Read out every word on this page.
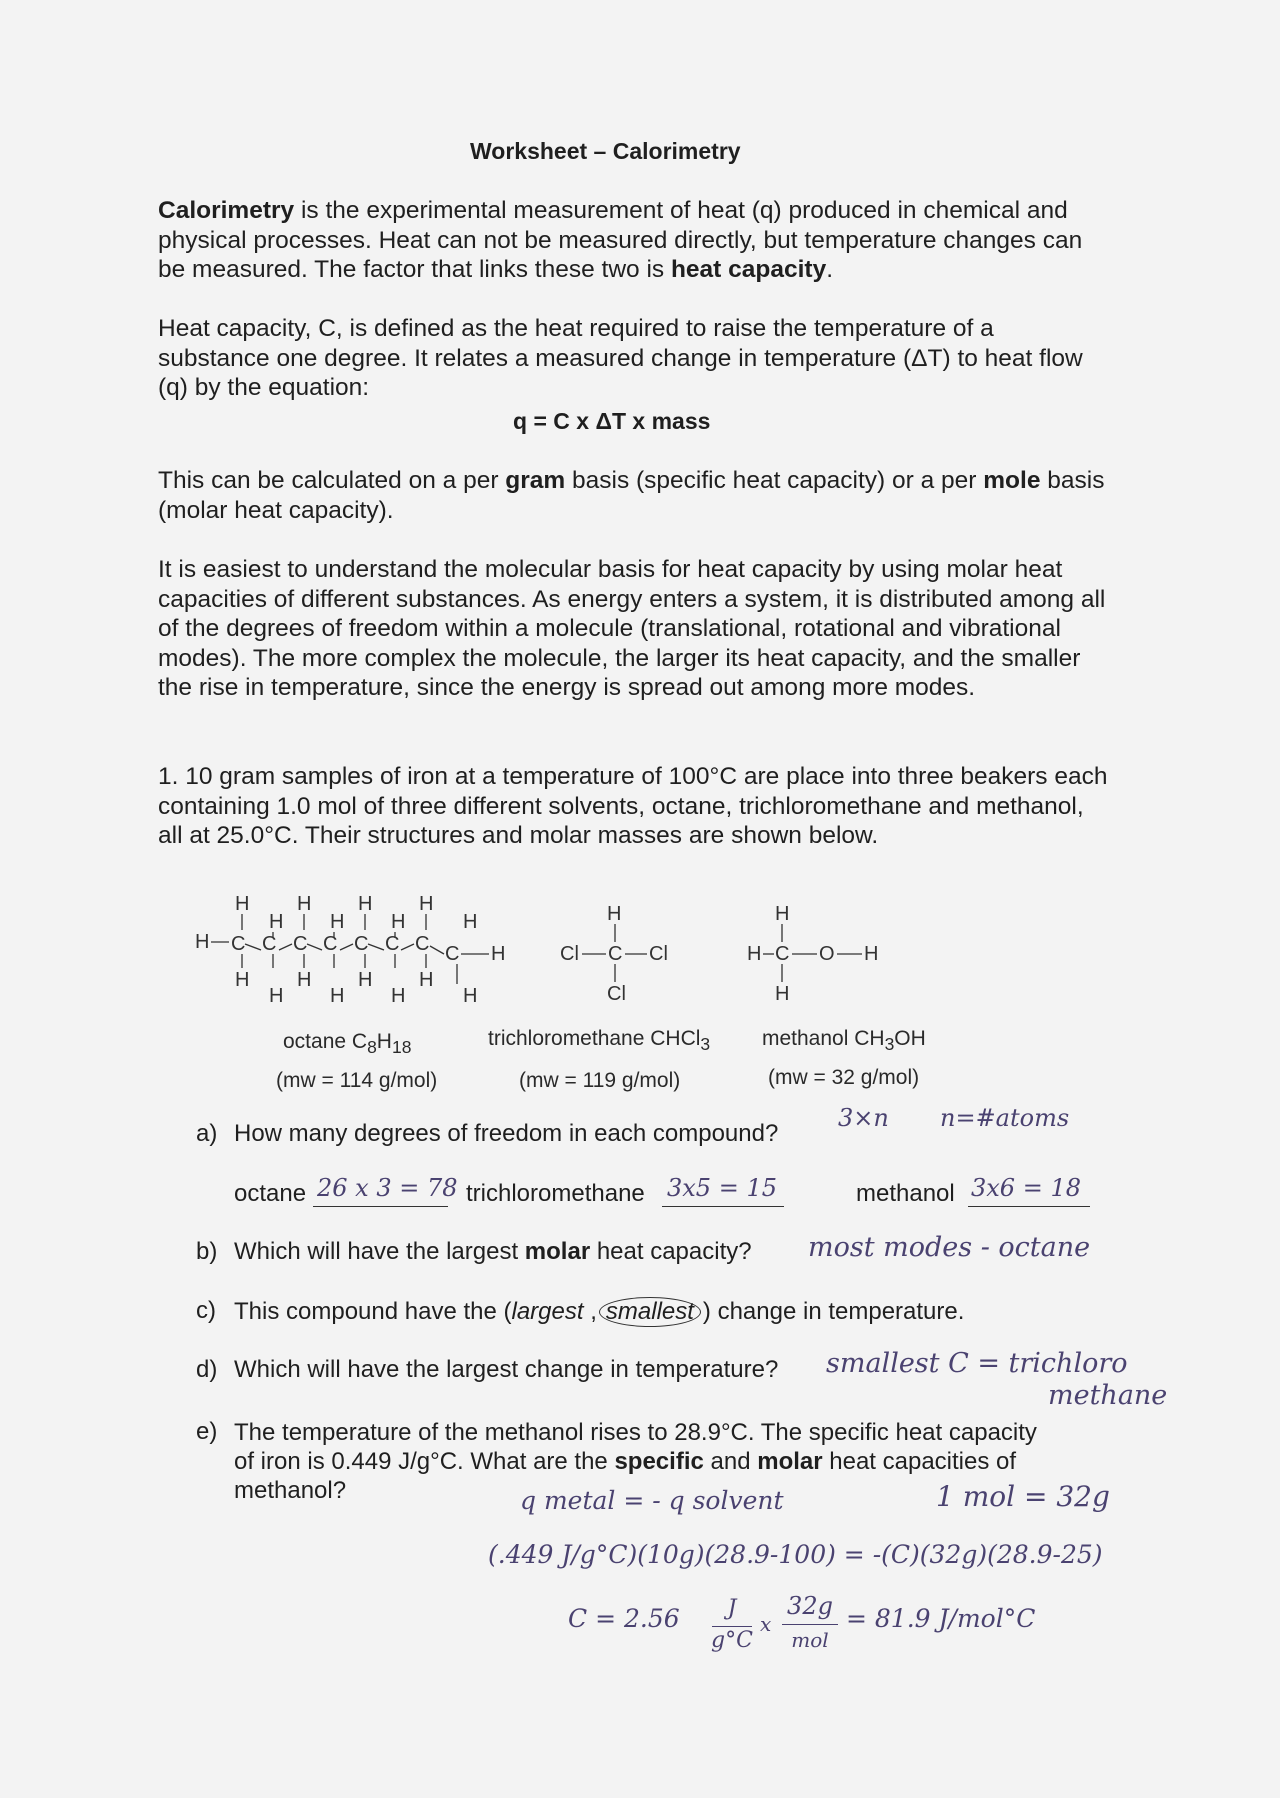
Worksheet – Calorimetry
Calorimetry is the experimental measurement of heat (q) produced in chemical and physical processes. Heat can not be measured directly, but temperature changes can be measured. The factor that links these two is heat capacity.
Heat capacity, C, is defined as the heat required to raise the temperature of a substance one degree. It relates a measured change in temperature (ΔT) to heat flow (q) by the equation:
q = C x ΔT x mass
This can be calculated on a per gram basis (specific heat capacity) or a per mole basis (molar heat capacity).
It is easiest to understand the molecular basis for heat capacity by using molar heat capacities of different substances. As energy enters a system, it is distributed among all of the degrees of freedom within a molecule (translational, rotational and vibrational modes). The more complex the molecule, the larger its heat capacity, and the smaller the rise in temperature, since the energy is spread out among more modes.
1. 10 gram samples of iron at a temperature of 100°C are place into three beakers each containing 1.0 mol of three different solvents, octane, trichloromethane and methanol, all at 25.0°C. Their structures and molar masses are shown below.
H
H H H H
H H H	H
C C C C C C C C
H H H H
H H H	H
H
H
Cl C Cl
Cl
H
H C O H
H
octane $C_8H_{18}$	trichloromethane CHCl$_3$ methanol $CH_3OH$
(mw = 114 g/mol)	(mw = 119 g/mol)	(mw = 32 g/mol)
a) How many degrees of freedom in each compound?
3×n n=#atoms
octane 26 x 3 = 78 trichloromethane 3x5 = 15	methanol 3x6 = 18
b) Which will have the largest molar heat capacity? most modes - octane
c) This compound have the (largest , smallest ) change in temperature.
d) Which will have the largest change in temperature? smallest C = trichloro
methane
e) The temperature of the methanol rises to 28.9°C. The specific heat capacity of iron is 0.449 J/g°C. What are the specific and molar heat capacities of methanol?	q metal = - q solvent	1 mol = 32g
(.449 J/g°C)(10g)(28.9-100) = -(C)(32g)(28.9-25)
C = 2.56	J
g°C
x
32g
mol
= 81.9 J/mol°C
